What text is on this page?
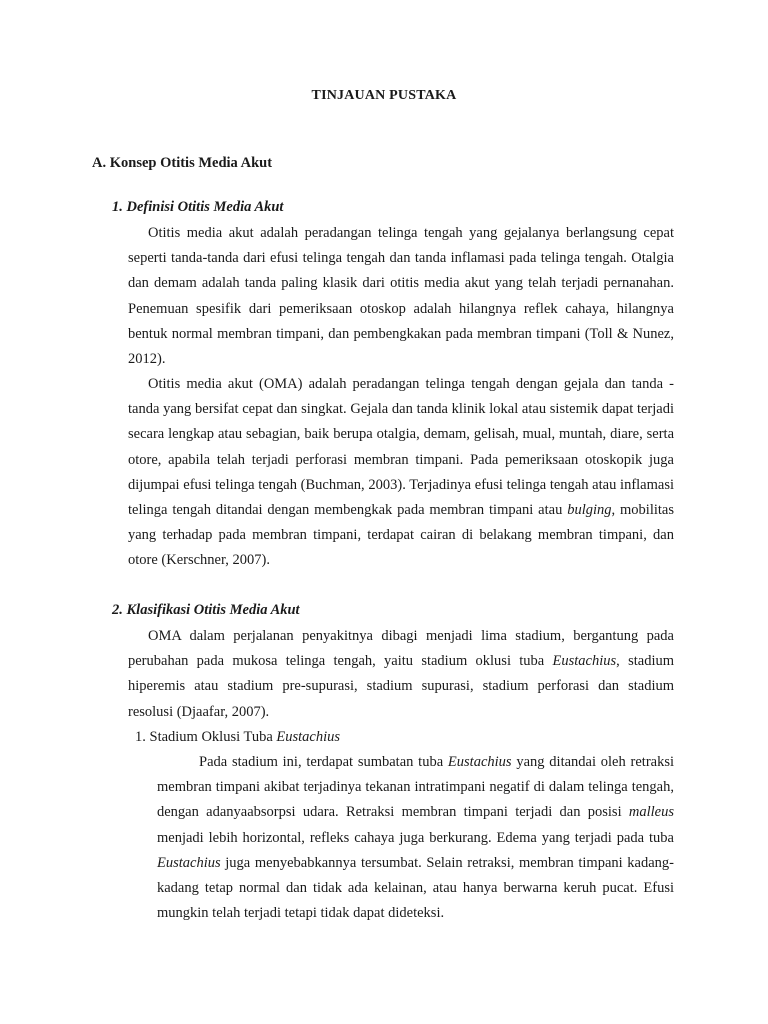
TINJAUAN PUSTAKA
A. Konsep Otitis Media Akut
1. Definisi Otitis Media Akut
Otitis media akut adalah peradangan telinga tengah yang gejalanya berlangsung cepat seperti tanda-tanda dari efusi telinga tengah dan tanda inflamasi pada telinga tengah. Otalgia dan demam adalah tanda paling klasik dari otitis media akut yang telah terjadi pernanahan. Penemuan spesifik dari pemeriksaan otoskop adalah hilangnya reflek cahaya, hilangnya bentuk normal membran timpani, dan pembengkakan pada membran timpani (Toll & Nunez, 2012).
Otitis media akut (OMA) adalah peradangan telinga tengah dengan gejala dan tanda - tanda yang bersifat cepat dan singkat. Gejala dan tanda klinik lokal atau sistemik dapat terjadi secara lengkap atau sebagian, baik berupa otalgia, demam, gelisah, mual, muntah, diare, serta otore, apabila telah terjadi perforasi membran timpani. Pada pemeriksaan otoskopik juga dijumpai efusi telinga tengah (Buchman, 2003). Terjadinya efusi telinga tengah atau inflamasi telinga tengah ditandai dengan membengkak pada membran timpani atau bulging, mobilitas yang terhadap pada membran timpani, terdapat cairan di belakang membran timpani, dan otore (Kerschner, 2007).
2. Klasifikasi Otitis Media Akut
OMA dalam perjalanan penyakitnya dibagi menjadi lima stadium, bergantung pada perubahan pada mukosa telinga tengah, yaitu stadium oklusi tuba Eustachius, stadium hiperemis atau stadium pre-supurasi, stadium supurasi, stadium perforasi dan stadium resolusi (Djaafar, 2007).
1. Stadium Oklusi Tuba Eustachius
Pada stadium ini, terdapat sumbatan tuba Eustachius yang ditandai oleh retraksi membran timpani akibat terjadinya tekanan intratimpani negatif di dalam telinga tengah, dengan adanyaabsorpsi udara. Retraksi membran timpani terjadi dan posisi malleus menjadi lebih horizontal, refleks cahaya juga berkurang. Edema yang terjadi pada tuba Eustachius juga menyebabkannya tersumbat. Selain retraksi, membran timpani kadang-kadang tetap normal dan tidak ada kelainan, atau hanya berwarna keruh pucat. Efusi mungkin telah terjadi tetapi tidak dapat dideteksi.
